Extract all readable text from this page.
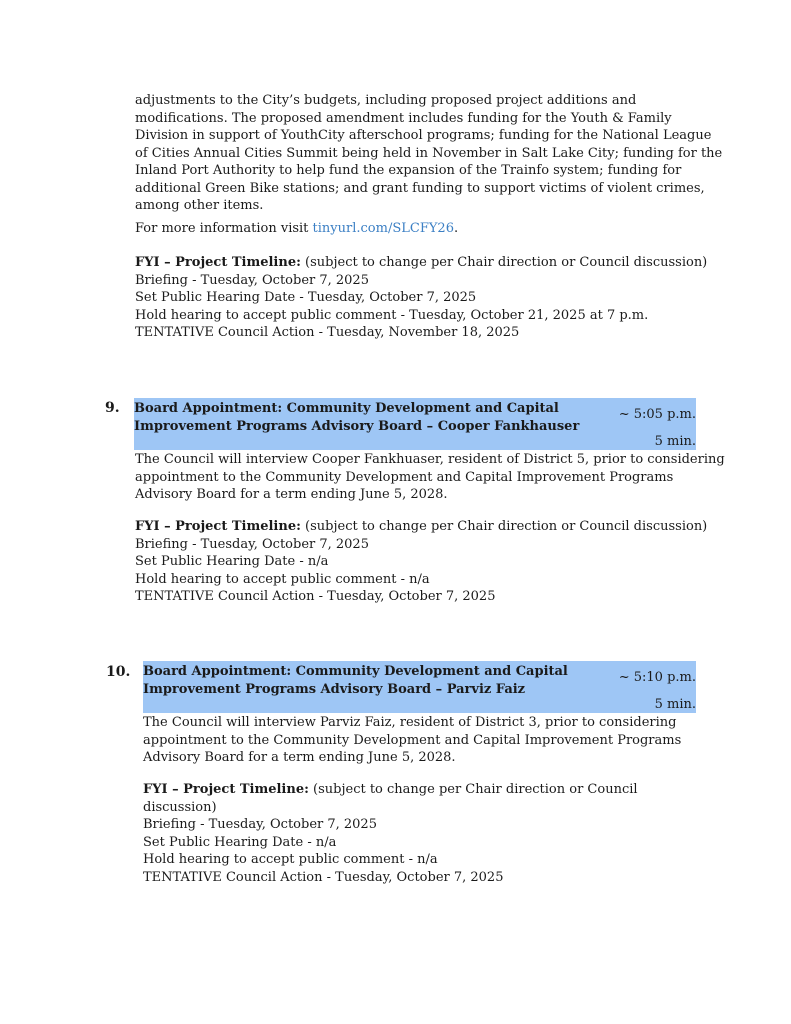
adjustments to the City’s budgets, including proposed project additions and

modifications. The proposed amendment includes funding for the Youth & Family

Division in support of YouthCity afterschool programs; funding for the National League

of Cities Annual Cities Summit being held in November in Salt Lake City; funding for the

Inland Port Authority to help fund the expansion of the Trainfo system; funding for

additional Green Bike stations; and grant funding to support victims of violent crimes,

among other items.

For more information visit tinyurl.com/SLCFY26.

FYI – Project Timeline: (subject to change per Chair direction or Council discussion)

Briefing - Tuesday, October 7, 2025

Set Public Hearing Date - Tuesday, October 7, 2025

Hold hearing to accept public comment - Tuesday, October 21, 2025 at 7 p.m.

TENTATIVE Council Action - Tuesday, November 18, 2025

9. Board Appointment: Community Development and Capital
Improvement Programs Advisory Board – Cooper Fankhauser
~ 5:05 p.m.
5 min.

The Council will interview Cooper Fankhuaser, resident of District 5, prior to considering

appointment to the Community Development and Capital Improvement Programs

Advisory Board for a term ending June 5, 2028.

FYI – Project Timeline: (subject to change per Chair direction or Council discussion)

Briefing - Tuesday, October 7, 2025

Set Public Hearing Date - n/a

Hold hearing to accept public comment - n/a

TENTATIVE Council Action - Tuesday, October 7, 2025

10. Board Appointment: Community Development and Capital
Improvement Programs Advisory Board – Parviz Faiz
~ 5:10 p.m.
5 min.

The Council will interview Parviz Faiz, resident of District 3, prior to considering

appointment to the Community Development and Capital Improvement Programs

Advisory Board for a term ending June 5, 2028.

FYI – Project Timeline: (subject to change per Chair direction or Council

discussion)

Briefing - Tuesday, October 7, 2025

Set Public Hearing Date - n/a

Hold hearing to accept public comment - n/a

TENTATIVE Council Action - Tuesday, October 7, 2025
